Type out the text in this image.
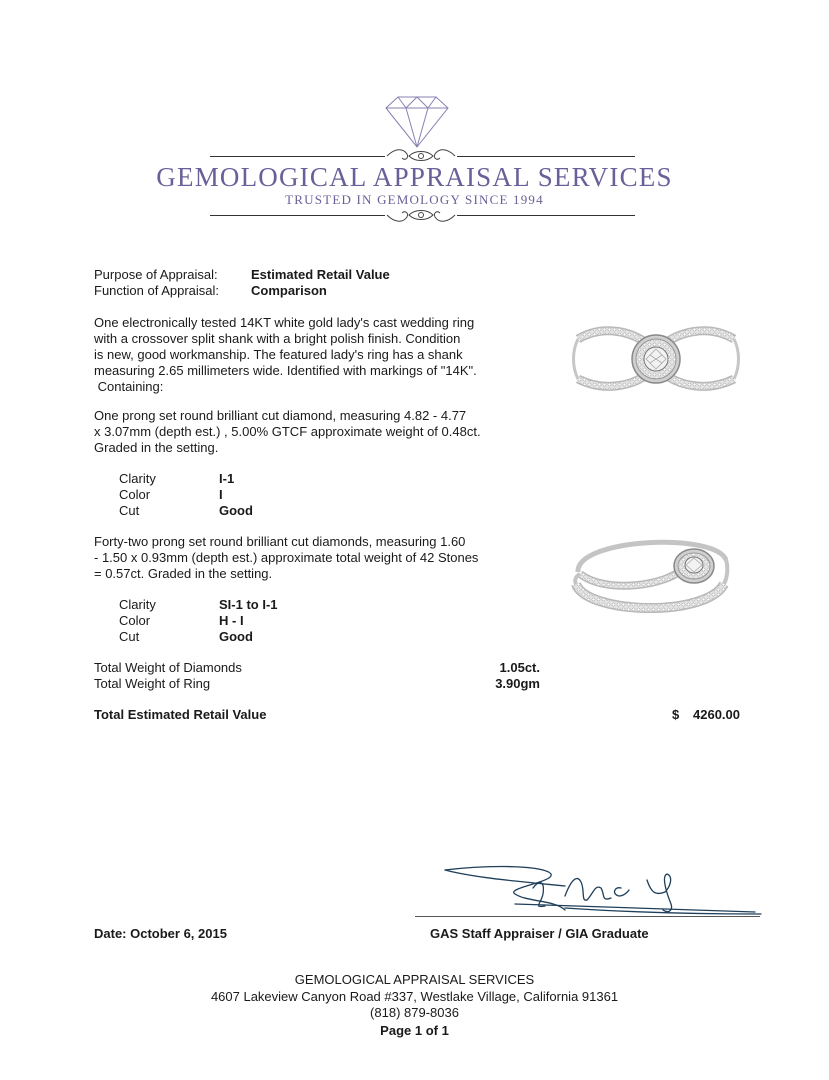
GEMOLOGICAL APPRAISAL SERVICES
TRUSTED IN GEMOLOGY SINCE 1994
Purpose of Appraisal:	Estimated Retail Value
Function of Appraisal: Comparison
One electronically tested 14KT white gold lady's cast wedding ring
with a crossover split shank with a bright polish finish. Condition
is new, good workmanship. The featured lady's ring has a shank
measuring 2.65 millimeters wide. Identified with markings of "14K".
Containing:
One prong set round brilliant cut diamond, measuring 4.82 - 4.77
x 3.07mm (depth est.) , 5.00% GTCF approximate weight of 0.48ct.
Graded in the setting.
Clarity	I-1
Color	I
Cut	Good
Forty-two prong set round brilliant cut diamonds, measuring 1.60
- 1.50 x 0.93mm (depth est.) approximate total weight of 42 Stones
= 0.57ct. Graded in the setting.
Clarity	SI-1 to I-1
Color	H - I
Cut	Good
Total Weight of Diamonds	1.05ct.
Total Weight of Ring	3.90gm
Total Estimated Retail Value	$ 4260.00
Date: October 6, 2015	GAS Staff Appraiser / GIA Graduate
GEMOLOGICAL APPRAISAL SERVICES
4607 Lakeview Canyon Road #337, Westlake Village, California 91361
(818) 879-8036
Page 1 of 1
